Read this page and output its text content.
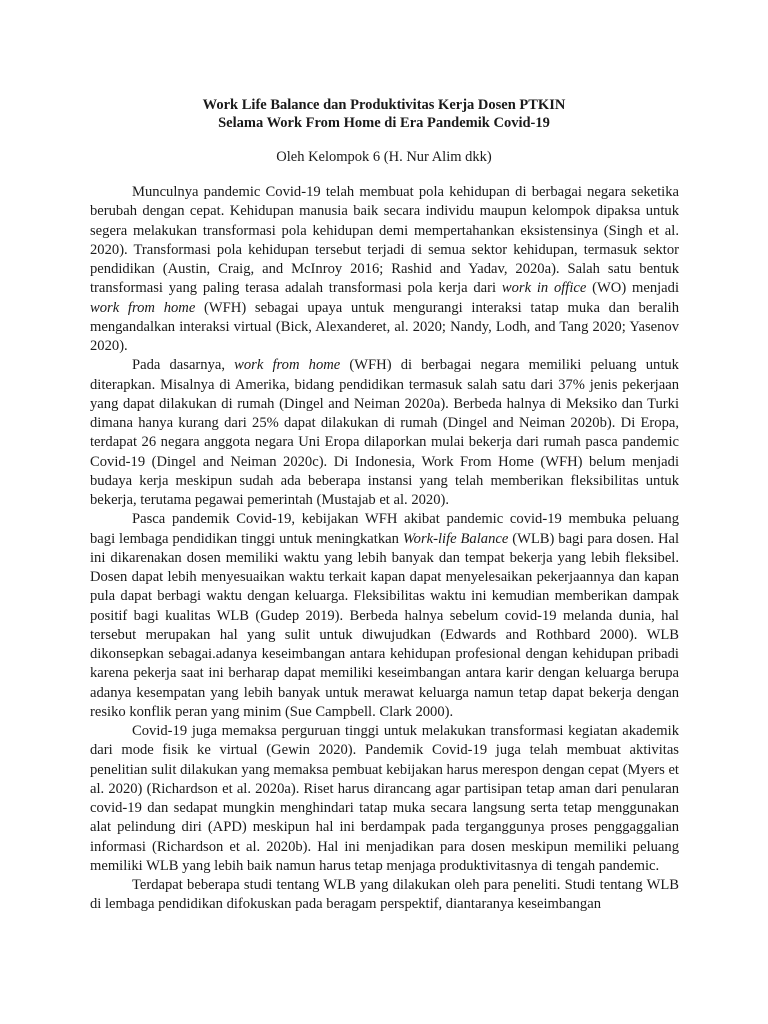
Work Life Balance dan Produktivitas Kerja Dosen PTKIN
Selama Work From Home di Era Pandemik Covid-19
Oleh Kelompok 6 (H. Nur Alim dkk)

Munculnya pandemic Covid-19 telah membuat pola kehidupan di berbagai negara seketika berubah dengan cepat. Kehidupan manusia baik secara individu maupun kelompok dipaksa untuk segera melakukan transformasi pola kehidupan demi mempertahankan eksistensinya (Singh et al. 2020). Transformasi pola kehidupan tersebut terjadi di semua sektor kehidupan, termasuk sektor pendidikan (Austin, Craig, and McInroy 2016; Rashid and Yadav, 2020a). Salah satu bentuk transformasi yang paling terasa adalah transformasi pola kerja dari work in office (WO) menjadi work from home (WFH) sebagai upaya untuk mengurangi interaksi tatap muka dan beralih mengandalkan interaksi virtual (Bick, Alexanderet, al. 2020; Nandy, Lodh, and Tang 2020; Yasenov 2020).

Pada dasarnya, work from home (WFH) di berbagai negara memiliki peluang untuk diterapkan. Misalnya di Amerika, bidang pendidikan termasuk salah satu dari 37% jenis pekerjaan yang dapat dilakukan di rumah (Dingel and Neiman 2020a). Berbeda halnya di Meksiko dan Turki dimana hanya kurang dari 25% dapat dilakukan di rumah (Dingel and Neiman 2020b). Di Eropa, terdapat 26 negara anggota negara Uni Eropa dilaporkan mulai bekerja dari rumah pasca pandemic Covid-19 (Dingel and Neiman 2020c). Di Indonesia, Work From Home (WFH) belum menjadi budaya kerja meskipun sudah ada beberapa instansi yang telah memberikan fleksibilitas untuk bekerja, terutama pegawai pemerintah (Mustajab et al. 2020).

Pasca pandemik Covid-19, kebijakan WFH akibat pandemic covid-19 membuka peluang bagi lembaga pendidikan tinggi untuk meningkatkan Work-life Balance (WLB) bagi para dosen. Hal ini dikarenakan dosen memiliki waktu yang lebih banyak dan tempat bekerja yang lebih fleksibel. Dosen dapat lebih menyesuaikan waktu terkait kapan dapat menyelesaikan pekerjaannya dan kapan pula dapat berbagi waktu dengan keluarga. Fleksibilitas waktu ini kemudian memberikan dampak positif bagi kualitas WLB (Gudep 2019). Berbeda halnya sebelum covid-19 melanda dunia, hal tersebut merupakan hal yang sulit untuk diwujudkan (Edwards and Rothbard 2000). WLB dikonsepkan sebagai.adanya keseimbangan antara kehidupan profesional dengan kehidupan pribadi karena pekerja saat ini berharap dapat memiliki keseimbangan antara karir dengan keluarga berupa adanya kesempatan yang lebih banyak untuk merawat keluarga namun tetap dapat bekerja dengan resiko konflik peran yang minim (Sue Campbell. Clark 2000).

Covid-19 juga memaksa perguruan tinggi untuk melakukan transformasi kegiatan akademik dari mode fisik ke virtual (Gewin 2020). Pandemik Covid-19 juga telah membuat aktivitas penelitian sulit dilakukan yang memaksa pembuat kebijakan harus merespon dengan cepat (Myers et al. 2020) (Richardson et al. 2020a). Riset harus dirancang agar partisipan tetap aman dari penularan covid-19 dan sedapat mungkin menghindari tatap muka secara langsung serta tetap menggunakan alat pelindung diri (APD) meskipun hal ini berdampak pada terganggunya proses penggaggalian informasi (Richardson et al. 2020b). Hal ini menjadikan para dosen meskipun memiliki peluang memiliki WLB yang lebih baik namun harus tetap menjaga produktivitasnya di tengah pandemic.

Terdapat beberapa studi tentang WLB yang dilakukan oleh para peneliti. Studi tentang WLB di lembaga pendidikan difokuskan pada beragam perspektif, diantaranya keseimbangan
